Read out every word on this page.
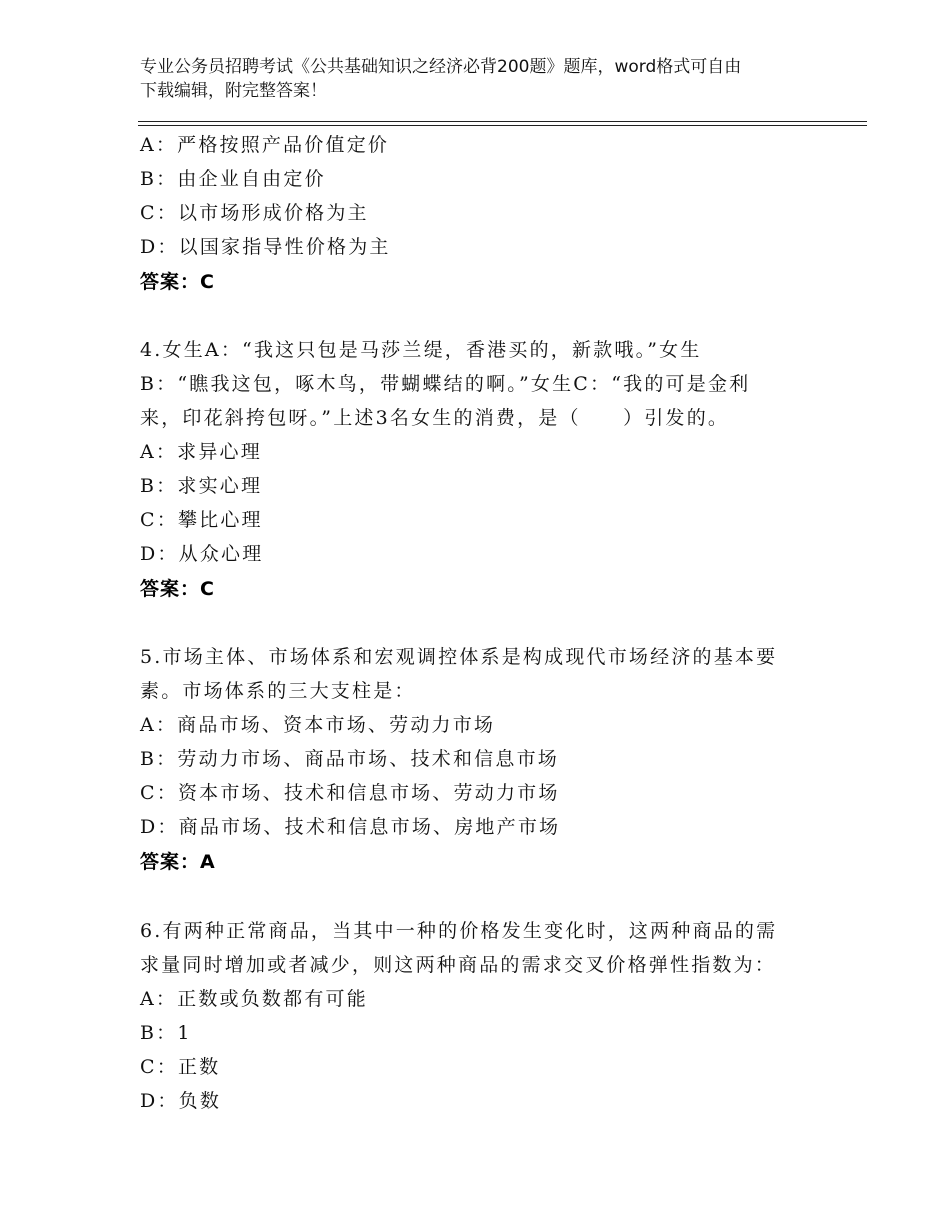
专业公务员招聘考试《公共基础知识之经济必背200题》题库，word格式可自由
下载编辑，附完整答案！
A：严格按照产品价值定价
B：由企业自由定价
C：以市场形成价格为主
D：以国家指导性价格为主
答案：C
4.女生A：“我这只包是马莎兰缇，香港买的，新款哦。”女生
B：“瞧我这包，啄木鸟，带蝴蝶结的啊。”女生C：“我的可是金利
来，印花斜挎包呀。”上述3名女生的消费，是（　　）引发的。
A：求异心理
B：求实心理
C：攀比心理
D：从众心理
答案：C
5.市场主体、市场体系和宏观调控体系是构成现代市场经济的基本要
素。市场体系的三大支柱是：
A：商品市场、资本市场、劳动力市场
B：劳动力市场、商品市场、技术和信息市场
C：资本市场、技术和信息市场、劳动力市场
D：商品市场、技术和信息市场、房地产市场
答案：A
6.有两种正常商品，当其中一种的价格发生变化时，这两种商品的需
求量同时增加或者减少，则这两种商品的需求交叉价格弹性指数为：
A：正数或负数都有可能
B：1
C：正数
D：负数
